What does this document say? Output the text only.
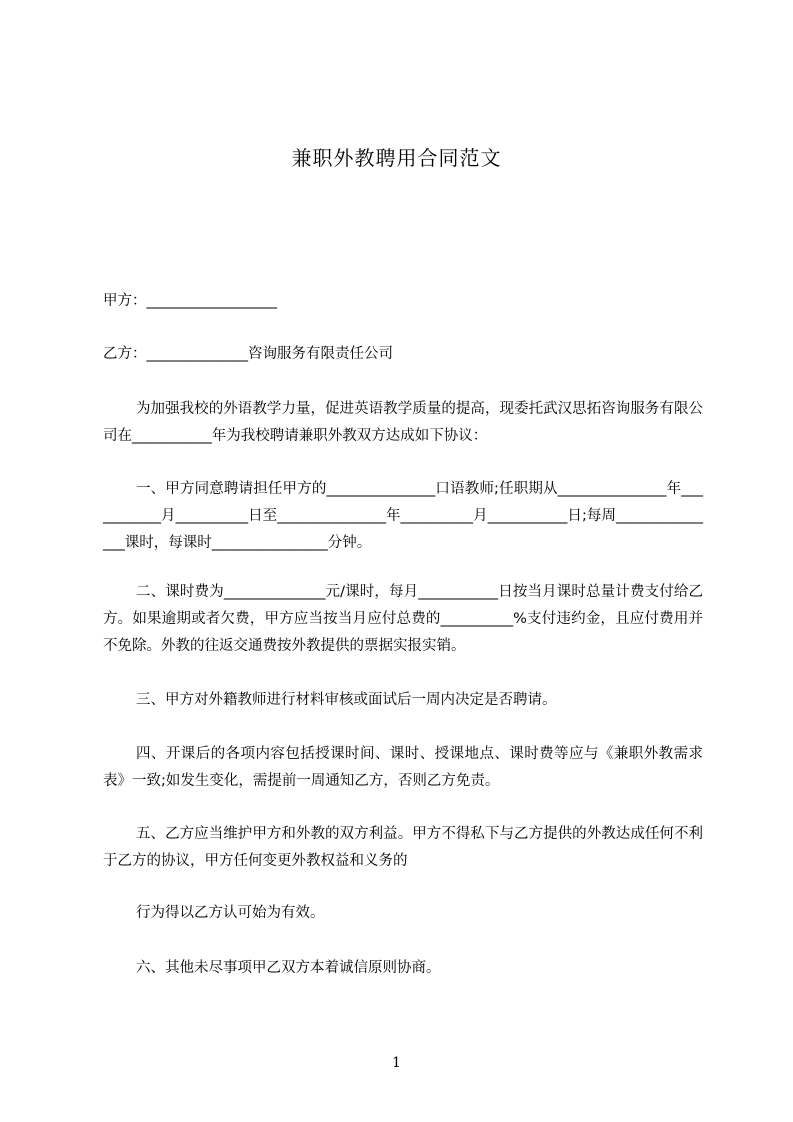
兼职外教聘用合同范文
甲方：__________________
乙方：______________咨询服务有限责任公司
为加强我校的外语教学力量，促进英语教学质量的提高，现委托武汉思拓咨询服务有限公司在___________年为我校聘请兼职外教双方达成如下协议：
一、甲方同意聘请担任甲方的_______________口语教师;任职期从_______________年___________月__________日至_______________年__________月___________日;每周_______________课时，每课时________________分钟。
二、课时费为______________元/课时，每月___________日按当月课时总量计费支付给乙方。如果逾期或者欠费，甲方应当按当月应付总费的__________%支付违约金，且应付费用并不免除。外教的往返交通费按外教提供的票据实报实销。
三、甲方对外籍教师进行材料审核或面试后一周内决定是否聘请。
四、开课后的各项内容包括授课时间、课时、授课地点、课时费等应与《兼职外教需求表》一致;如发生变化，需提前一周通知乙方，否则乙方免责。
五、乙方应当维护甲方和外教的双方利益。甲方不得私下与乙方提供的外教达成任何不利于乙方的协议，甲方任何变更外教权益和义务的
行为得以乙方认可始为有效。
六、其他未尽事项甲乙双方本着诚信原则协商。
1
